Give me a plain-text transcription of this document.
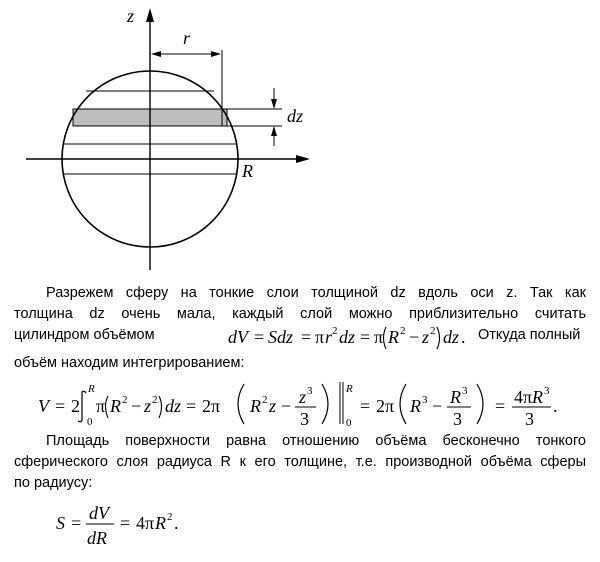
z
R
r
dz
Разрежем сферу на тонкие слои толщиной dz вдоль оси z. Так как
толщина dz очень мала, каждый слой можно приблизительно считать
цилиндром объёмом	Откуда полный
dV = Sdz = π r 2 dz = π R 2 − z 2 dz .
объём находим интегрированием:
V = 2
R
0
π R 2 − z 2 dz = 2π R 2 z − z 3
3
R
0
= 2π R 3 − R 3
3
= 4π R 3
3
.
Площадь поверхности равна отношению объёма бесконечно тонкого
сферического слоя радиуса R к его толщине, т.е. производной объёма сферы
по радиусу:
S = dV
dR
= 4π R 2 .
